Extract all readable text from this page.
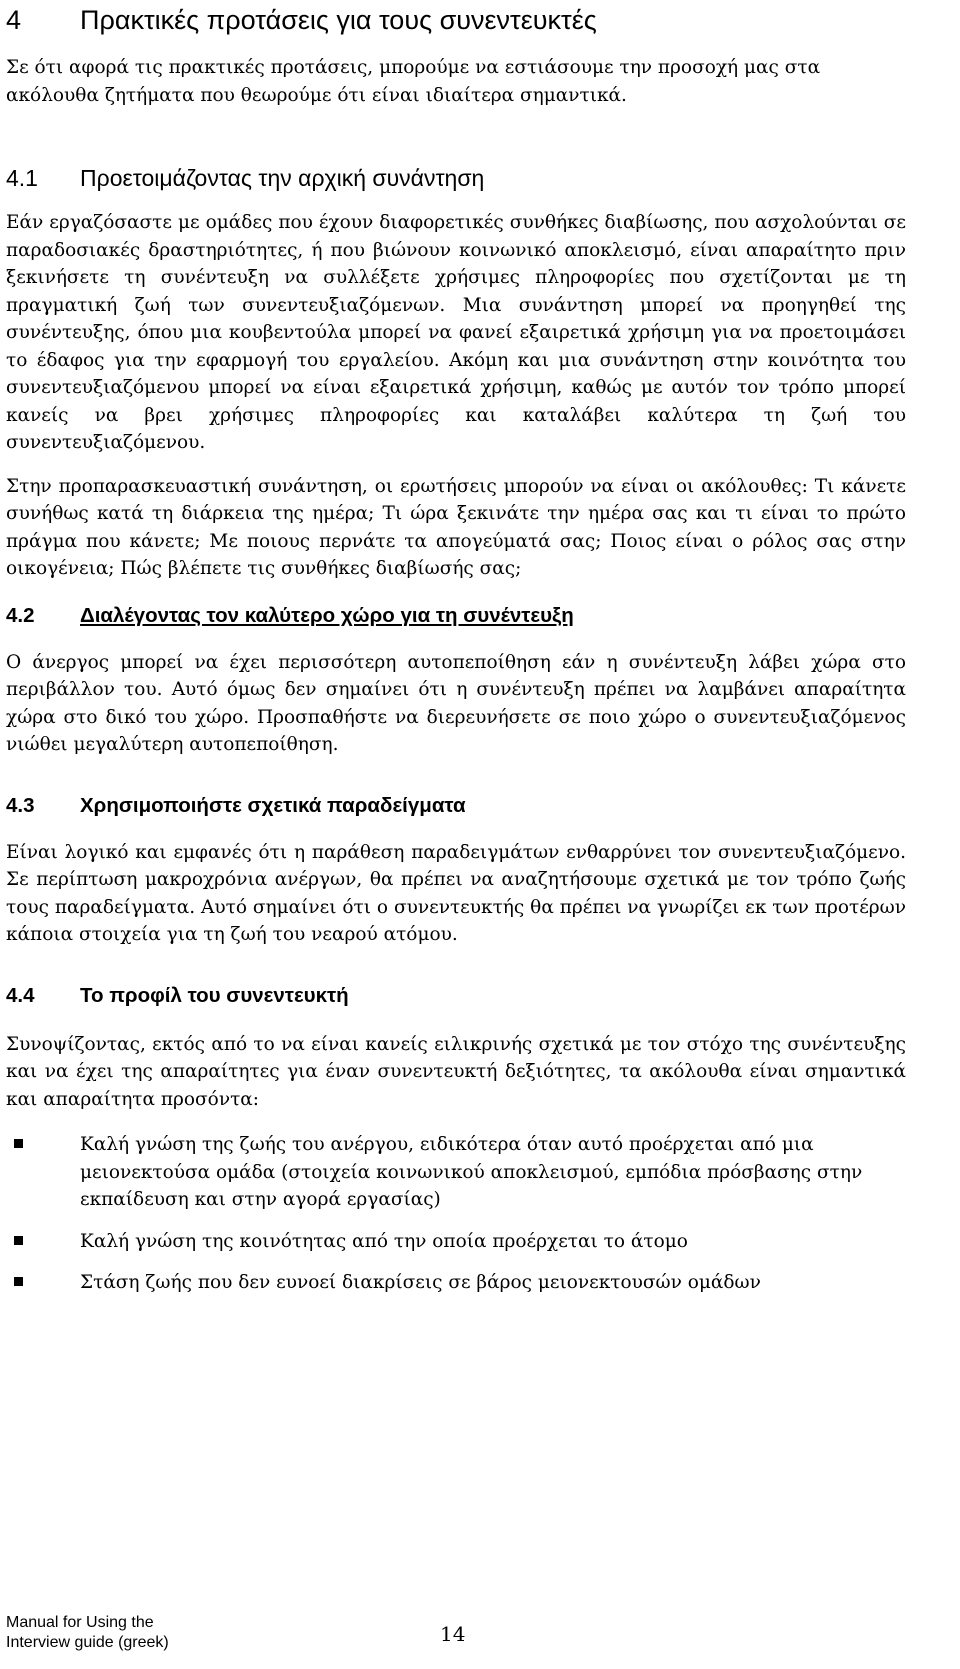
4 Πρακτικές προτάσεις για τους συνεντευκτές

Σε ότι αφορά τις πρακτικές προτάσεις, μπορούμε να εστιάσουμε την προσοχή μας στα ακόλουθα ζητήματα που θεωρούμε ότι είναι ιδιαίτερα σημαντικά.

4.1 Προετοιμάζοντας την αρχική συνάντηση

Εάν εργαζόσαστε με ομάδες που έχουν διαφορετικές συνθήκες διαβίωσης, που ασχολούνται σε παραδοσιακές δραστηριότητες, ή που βιώνουν κοινωνικό αποκλεισμό, είναι απαραίτητο πριν ξεκινήσετε τη συνέντευξη να συλλέξετε χρήσιμες πληροφορίες που σχετίζονται με τη πραγματική ζωή των συνεντευξιαζόμενων. Μια συνάντηση μπορεί να προηγηθεί της συνέντευξης, όπου μια κουβεντούλα μπορεί να φανεί εξαιρετικά χρήσιμη για να προετοιμάσει το έδαφος για την εφαρμογή του εργαλείου. Ακόμη και μια συνάντηση στην κοινότητα του συνεντευξιαζόμενου μπορεί να είναι εξαιρετικά χρήσιμη, καθώς με αυτόν τον τρόπο μπορεί κανείς να βρει χρήσιμες πληροφορίες και καταλάβει καλύτερα τη ζωή του συνεντευξιαζόμενου.

Στην προπαρασκευαστική συνάντηση, οι ερωτήσεις μπορούν να είναι οι ακόλουθες: Τι κάνετε συνήθως κατά τη διάρκεια της ημέρα; Τι ώρα ξεκινάτε την ημέρα σας και τι είναι το πρώτο πράγμα που κάνετε; Με ποιους περνάτε τα απογεύματά σας; Ποιος είναι ο ρόλος σας στην οικογένεια; Πώς βλέπετε τις συνθήκες διαβίωσής σας;

4.2 Διαλέγοντας τον καλύτερο χώρο για τη συνέντευξη

Ο άνεργος μπορεί να έχει περισσότερη αυτοπεποίθηση εάν η συνέντευξη λάβει χώρα στο περιβάλλον του. Αυτό όμως δεν σημαίνει ότι η συνέντευξη πρέπει να λαμβάνει απαραίτητα χώρα στο δικό του χώρο. Προσπαθήστε να διερευνήσετε σε ποιο χώρο ο συνεντευξιαζόμενος νιώθει μεγαλύτερη αυτοπεποίθηση.

4.3 Χρησιμοποιήστε σχετικά παραδείγματα

Είναι λογικό και εμφανές ότι η παράθεση παραδειγμάτων ενθαρρύνει τον συνεντευξιαζόμενο. Σε περίπτωση μακροχρόνια ανέργων, θα πρέπει να αναζητήσουμε σχετικά με τον τρόπο ζωής τους παραδείγματα. Αυτό σημαίνει ότι ο συνεντευκτής θα πρέπει να γνωρίζει εκ των προτέρων κάποια στοιχεία για τη ζωή του νεαρού ατόμου.

4.4 Το προφίλ του συνεντευκτή

Συνοψίζοντας, εκτός από το να είναι κανείς ειλικρινής σχετικά με τον στόχο της συνέντευξης και να έχει της απαραίτητες για έναν συνεντευκτή δεξιότητες, τα ακόλουθα είναι σημαντικά και απαραίτητα προσόντα:

Καλή γνώση της ζωής του ανέργου, ειδικότερα όταν αυτό προέρχεται από μια μειονεκτούσα ομάδα (στοιχεία κοινωνικού αποκλεισμού, εμπόδια πρόσβασης στην εκπαίδευση και στην αγορά εργασίας)
Καλή γνώση της κοινότητας από την οποία προέρχεται το άτομο
Στάση ζωής που δεν ευνοεί διακρίσεις σε βάρος μειονεκτουσών ομάδων
Manual for Using the
Interview guide (greek)	14
